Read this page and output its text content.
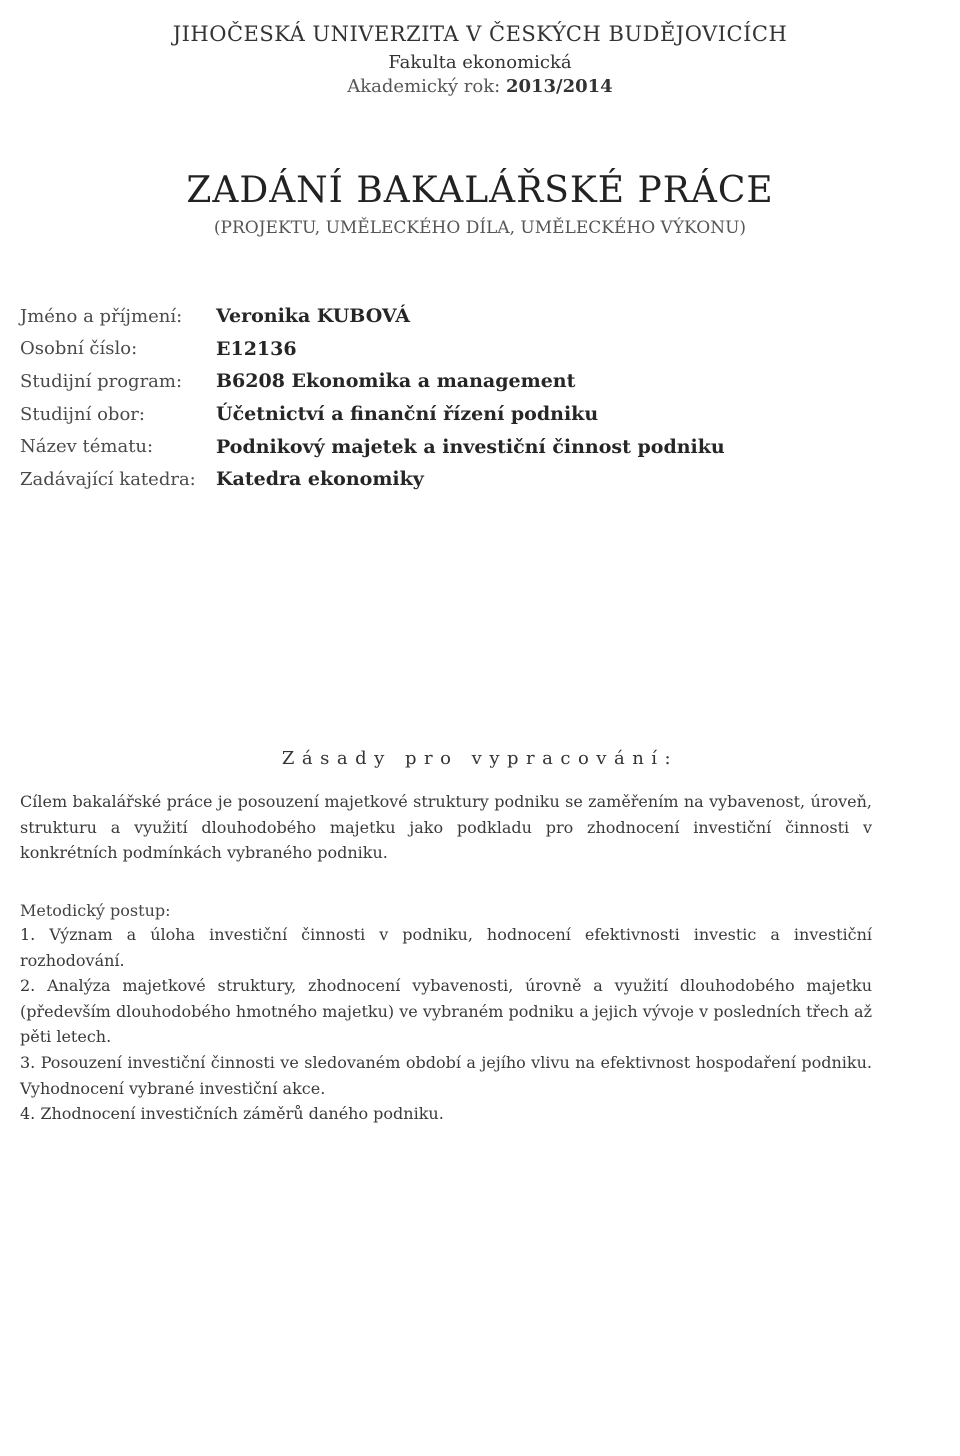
JIHOČESKÁ UNIVERZITA V ČESKÝCH BUDĚJOVICÍCH
Fakulta ekonomická
Akademický rok: 2013/2014
ZADÁNÍ BAKALÁŘSKÉ PRÁCE
(PROJEKTU, UMĚLECKÉHO DÍLA, UMĚLECKÉHO VÝKONU)
Jméno a příjmení:	Veronika KUBOVÁ
Osobní číslo:	E12136
Studijní program:	B6208 Ekonomika a management
Studijní obor:	Účetnictví a finanční řízení podniku
Název tématu:	Podnikový majetek a investiční činnost podniku
Zadávající katedra:	Katedra ekonomiky
Zásady pro vypracování:
Cílem bakalářské práce je posouzení majetkové struktury podniku se zaměřením na vybavenost, úroveň, strukturu a využití dlouhodobého majetku jako podkladu pro zhodnocení investiční činnosti v konkrétních podmínkách vybraného podniku.
Metodický postup:
1. Význam a úloha investiční činnosti v podniku, hodnocení efektivnosti investic a investiční rozhodování.
2. Analýza majetkové struktury, zhodnocení vybavenosti, úrovně a využití dlouhodobého majetku (především dlouhodobého hmotného majetku) ve vybraném podniku a jejich vývoje v posledních třech až pěti letech.
3. Posouzení investiční činnosti ve sledovaném období a jejího vlivu na efektivnost hospodaření podniku. Vyhodnocení vybrané investiční akce.
4. Zhodnocení investičních záměrů daného podniku.
